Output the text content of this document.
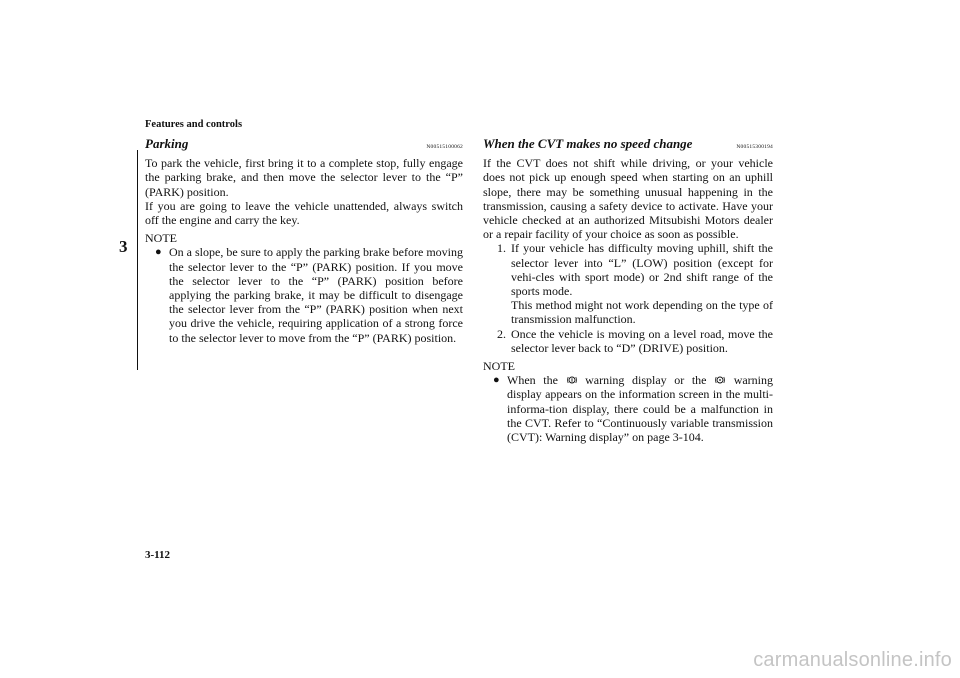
Features and controls
3
Parking	N00515100062

To park the vehicle, first bring it to a complete stop, fully engage the parking brake, and then move the selector lever to the “P” (PARK) position.

If you are going to leave the vehicle unattended, always switch off the engine and carry the key.

NOTE
● On a slope, be sure to apply the parking brake before moving the selector lever to the “P” (PARK) position. If you move the selector lever to the “P” (PARK) position before applying the parking brake, it may be difficult to disengage the selector lever from the “P” (PARK) position when next you drive the vehicle, requiring application of a strong force to the selector lever to move from the “P” (PARK) position.
When the CVT makes no speed change	N00515300194

If the CVT does not shift while driving, or your vehicle does not pick up enough speed when starting on an uphill slope, there may be something unusual happening in the transmission, causing a safety device to activate. Have your vehicle checked at an authorized Mitsubishi Motors dealer or a repair facility of your choice as soon as possible.

1. If your vehicle has difficulty moving uphill, shift the selector lever into “L” (LOW) position (except for vehi-cles with sport mode) or 2nd shift range of the sports mode.

This method might not work depending on the type of transmission malfunction.

2. Once the vehicle is moving on a level road, move the selector lever back to “D” (DRIVE) position.

NOTE
● When the warning display or the warning display appears on the information screen in the multi-informa-tion display, there could be a malfunction in the CVT. Refer to “Continuously variable transmission (CVT): Warning display” on page 3-104.
3-112
carmanualsonline.info
